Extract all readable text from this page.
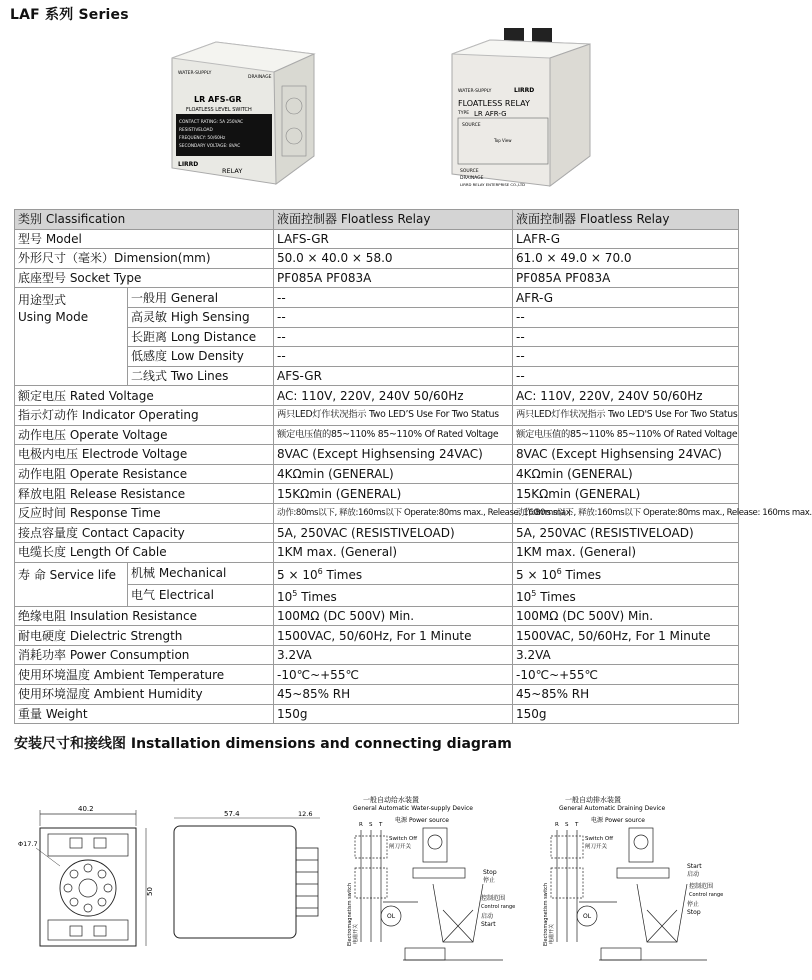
LAF 系列 Series
WATER-SUPPLY
DRAINAGE
LR AFS-GR
FLOATLESS LEVEL SWITCH
CONTACT RATING: 5A 250VAC
RESISTIVELOAD
FREQUENCY: 50/60Hz
SECONDARY VOLTAGE: 8VAC
LIRRD
RELAY
WATER-SUPPLY	LIRRD
FLOATLESS RELAY
TYPE LR AFR-G
SOURCE
Top View
SOURCE
DRAINAGE
LIRRD RELAY ENTERPRISE CO.,LTD
类别 Classification		液面控制器 Floatless Relay	液面控制器 Floatless Relay
型号 Model		LAFS-GR	LAFR-G
外形尺寸（毫米）Dimension(mm)		50.0 × 40.0 × 58.0	61.0 × 49.0 × 70.0
底座型号 Socket Type		PF085A PF083A	PF085A PF083A
用途型式
Using Mode	一般用 General	--	AFR-G
	高灵敏 High Sensing	--	--
	长距离 Long Distance	--	--
	低感度 Low Density	--	--
	二线式 Two Lines	AFS-GR	--
额定电压 Rated Voltage		AC: 110V, 220V, 240V 50/60Hz	AC: 110V, 220V, 240V 50/60Hz
指示灯动作 Indicator Operating		两只LED灯作状况指示 Two LED’S Use For Two Status	两只LED灯作状况指示 Two LED'S Use For Two Status
动作电压 Operate Voltage		额定电压值的85~110% 85~110% Of Rated Voltage	额定电压值的85~110% 85~110% Of Rated Voltage
电极内电压 Electrode Voltage		8VAC (Except Highsensing 24VAC)	8VAC (Except Highsensing 24VAC)
动作电阻 Operate Resistance		4KΩmin (GENERAL)	4KΩmin (GENERAL)
释放电阻 Release Resistance		15KΩmin (GENERAL)	15KΩmin (GENERAL)
反应时间 Response Time		动作:80ms以下, 释放:160ms以下 Operate:80ms max., Release: 160ms max.	动作:80ms以下, 释放:160ms以下 Operate:80ms max., Release: 160ms max.
接点容量度 Contact Capacity		5A, 250VAC (RESISTIVELOAD)	5A, 250VAC (RESISTIVELOAD)
电缆长度 Length Of Cable		1KM max. (General)	1KM max. (General)
寿 命 Service life	机械 Mechanical	$5 \times 10^6$ Times	$5 \times 10^6$ Times
	电气 Electrical	$10^5$ Times	$10^5$ Times
绝缘电阻 Insulation Resistance		100MΩ (DC 500V) Min.	100MΩ (DC 500V) Min.
耐电硬度 Dielectric Strength		1500VAC, 50/60Hz, For 1 Minute	1500VAC, 50/60Hz, For 1 Minute
消耗功率 Power Consumption		3.2VA	3.2VA
使用环境温度 Ambient Temperature		-10℃~+55℃	-10℃~+55℃
使用环境湿度 Ambient Humidity		45~85% RH	45~85% RH
重量 Weight		150g	150g
安装尺寸和接线图 Installation dimensions and connecting diagram
40.2
Φ17.7
50
57.4	12.6
一般自动给水装置
General Automatic Water-supply Device
电源 Power source
R S T
Switch Off
闸刀开关
Electromagnetism switch 电磁开关
OL
Stop
停止
控制范围
Control range
启动
Start
一般自动排水装置
General Automatic Draining Device
电源 Power source
R S T
Switch Off
闸刀开关
Electromagnetism switch 电磁开关
OL
Start
启动
控制范围
Control range
停止
Stop
